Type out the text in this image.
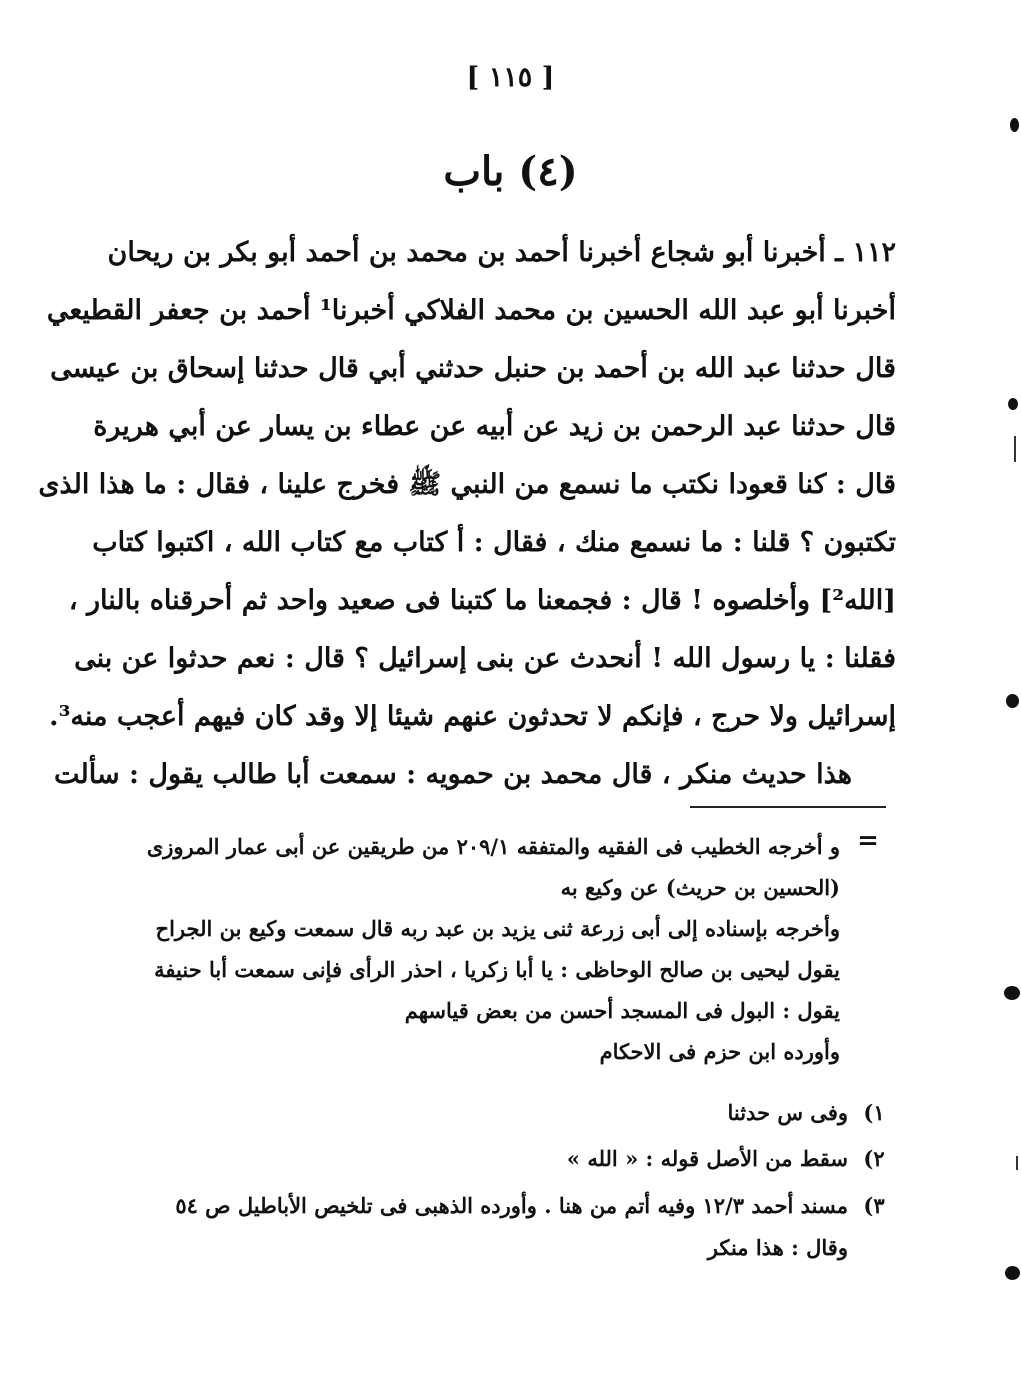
[ ١١٥ ]
(٤) باب
١١٢ ـ أخبرنا أبو شجاع أخبرنا أحمد بن محمد بن أحمد أبو بكر بن ريحان
أخبرنا أبو عبد الله الحسين بن محمد الفلاكي أخبرنا¹ أحمد بن جعفر القطيعي
قال حدثنا عبد الله بن أحمد بن حنبل حدثني أبي قال حدثنا إسحاق بن عيسى
قال حدثنا عبد الرحمن بن زيد عن أبيه عن عطاء بن يسار عن أبي هريرة
قال : كنا قعودا نكتب ما نسمع من النبي ﷺ فخرج علينا ، فقال : ما هذا الذى
تكتبون ؟ قلنا : ما نسمع منك ، فقال : أ كتاب مع كتاب الله ، اكتبوا كتاب
[الله²] وأخلصوه ! قال : فجمعنا ما كتبنا فى صعيد واحد ثم أحرقناه بالنار ،
فقلنا : يا رسول الله ! أنحدث عن بنى إسرائيل ؟ قال : نعم حدثوا عن بنى
إسرائيل ولا حرج ، فإنكم لا تحدثون عنهم شيئا إلا وقد كان فيهم أعجب منه³.
هذا حديث منكر ، قال محمد بن حمويه : سمعت أبا طالب يقول : سألت
=
و أخرجه الخطيب فى الفقيه والمتفقه ٢٠٩/١ من طريقين عن أبى عمار المروزى
(الحسين بن حريث) عن وكيع به
وأخرجه بإسناده إلى أبى زرعة ثنى يزيد بن عبد ربه قال سمعت وكيع بن الجراح
يقول ليحيى بن صالح الوحاظى : يا أبا زكريا ، احذر الرأى فإنى سمعت أبا حنيفة
يقول : البول فى المسجد أحسن من بعض قياسهم
وأورده ابن حزم فى الاحكام
١)وفى س حدثنا
٢)سقط من الأصل قوله : « الله »
٣)مسند أحمد ١٢/٣ وفيه أتم من هنا . وأورده الذهبى فى تلخيص الأباطيل ص ٥٤
وقال : هذا منكر
